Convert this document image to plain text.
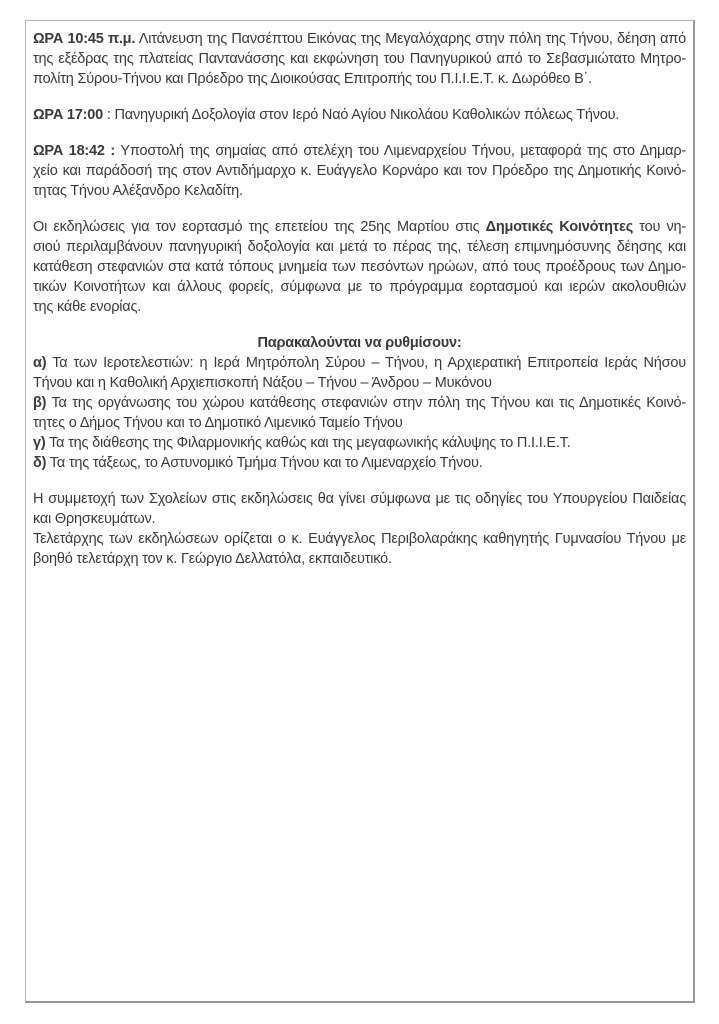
ΩΡΑ 10:45 π.μ. Λιτάνευση της Πανσέπτου Εικόνας της Μεγαλόχαρης στην πόλη της Τήνου, δέηση από
της εξέδρας της πλατείας Παντανάσσης και εκφώνηση του Πανηγυρικού από το Σεβασμιώτατο Μητρο-
πολίτη Σύρου-Τήνου και Πρόεδρο της Διοικούσας Επιτροπής του Π.Ι.Ι.Ε.Τ. κ. Δωρόθεο Β΄.
ΩΡΑ 17:00 : Πανηγυρική Δοξολογία στον Ιερό Ναό Αγίου Νικολάου Καθολικών πόλεως Τήνου.
ΩΡΑ 18:42 : Υποστολή της σημαίας από στελέχη του Λιμεναρχείου Τήνου, μεταφορά της στο Δημαρ-
χείο και παράδοσή της στον Αντιδήμαρχο κ. Ευάγγελο Κορνάρο και τον Πρόεδρο της Δημοτικής Κοινό-
τητας Τήνου Αλέξανδρο Κελαδίτη.
Οι εκδηλώσεις για τον εορτασμό της επετείου της 25ης Μαρτίου στις Δημοτικές Κοινότητες του νη-
σιού περιλαμβάνουν πανηγυρική δοξολογία και μετά το πέρας της, τέλεση επιμνημόσυνης δέησης και
κατάθεση στεφανιών στα κατά τόπους μνημεία των πεσόντων ηρώων, από τους προέδρους των Δημο-
τικών Κοινοτήτων και άλλους φορείς, σύμφωνα με το πρόγραμμα εορτασμού και ιερών ακολουθιών
της κάθε ενορίας.
Παρακαλούνται να ρυθμίσουν:
α) Τα των Ιεροτελεστιών: η Ιερά Μητρόπολη Σύρου – Τήνου, η Αρχιερατική Επιτροπεία Ιεράς Νήσου
Τήνου και η Καθολική Αρχιεπισκοπή Νάξου – Τήνου – Άνδρου – Μυκόνου
β) Τα της οργάνωσης του χώρου κατάθεσης στεφανιών στην πόλη της Τήνου και τις Δημοτικές Κοινό-
τητες ο Δήμος Τήνου και το Δημοτικό Λιμενικό Ταμείο Τήνου
γ) Τα της διάθεσης της Φιλαρμονικής καθώς και της μεγαφωνικής κάλυψης το Π.Ι.Ι.Ε.Τ.
δ) Τα της τάξεως, το Αστυνομικό Τμήμα Τήνου και το Λιμεναρχείο Τήνου.
Η συμμετοχή των Σχολείων στις εκδηλώσεις θα γίνει σύμφωνα με τις οδηγίες του Υπουργείου Παιδείας
και Θρησκευμάτων.
Τελετάρχης των εκδηλώσεων ορίζεται ο κ. Ευάγγελος Περιβολαράκης καθηγητής Γυμνασίου Τήνου με
βοηθό τελετάρχη τον κ. Γεώργιο Δελλατόλα, εκπαιδευτικό.
